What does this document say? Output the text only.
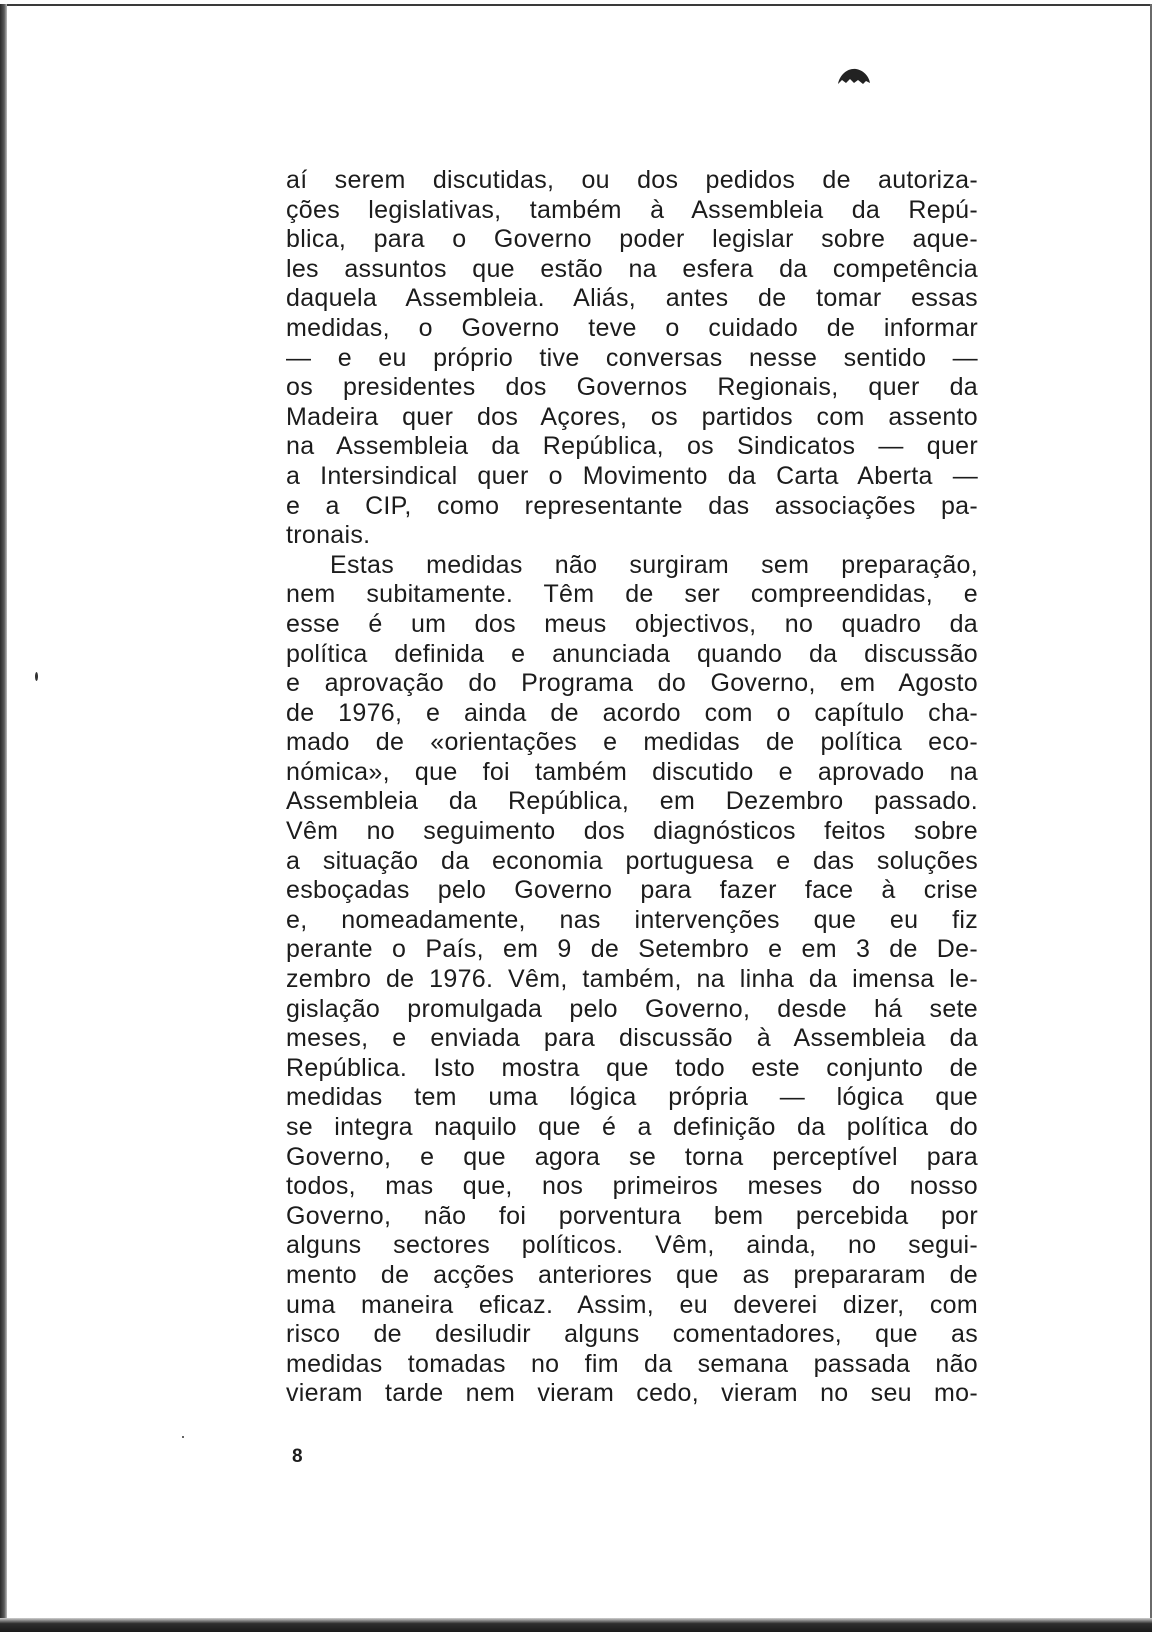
aí serem discutidas, ou dos pedidos de autoriza-
ções legislativas, também à Assembleia da Repú-
blica, para o Governo poder legislar sobre aque-
les assuntos que estão na esfera da competência
daquela Assembleia. Aliás, antes de tomar essas
medidas, o Governo teve o cuidado de informar
— e eu próprio tive conversas nesse sentido —
os presidentes dos Governos Regionais, quer da
Madeira quer dos Açores, os partidos com assento
na Assembleia da República, os Sindicatos — quer
a Intersindical quer o Movimento da Carta Aberta —
e a CIP, como representante das associações pa-
tronais.
Estas medidas não surgiram sem preparação,
nem subitamente. Têm de ser compreendidas, e
esse é um dos meus objectivos, no quadro da
política definida e anunciada quando da discussão
e aprovação do Programa do Governo, em Agosto
de 1976, e ainda de acordo com o capítulo cha-
mado de «orientações e medidas de política eco-
nómica», que foi também discutido e aprovado na
Assembleia da República, em Dezembro passado.
Vêm no seguimento dos diagnósticos feitos sobre
a situação da economia portuguesa e das soluções
esboçadas pelo Governo para fazer face à crise
e, nomeadamente, nas intervenções que eu fiz
perante o País, em 9 de Setembro e em 3 de De-
zembro de 1976. Vêm, também, na linha da imensa le-
gislação promulgada pelo Governo, desde há sete
meses, e enviada para discussão à Assembleia da
República. Isto mostra que todo este conjunto de
medidas tem uma lógica própria — lógica que
se integra naquilo que é a definição da política do
Governo, e que agora se torna perceptível para
todos, mas que, nos primeiros meses do nosso
Governo, não foi porventura bem percebida por
alguns sectores políticos. Vêm, ainda, no segui-
mento de acções anteriores que as prepararam de
uma maneira eficaz. Assim, eu deverei dizer, com
risco de desiludir alguns comentadores, que as
medidas tomadas no fim da semana passada não
vieram tarde nem vieram cedo, vieram no seu mo-
8
